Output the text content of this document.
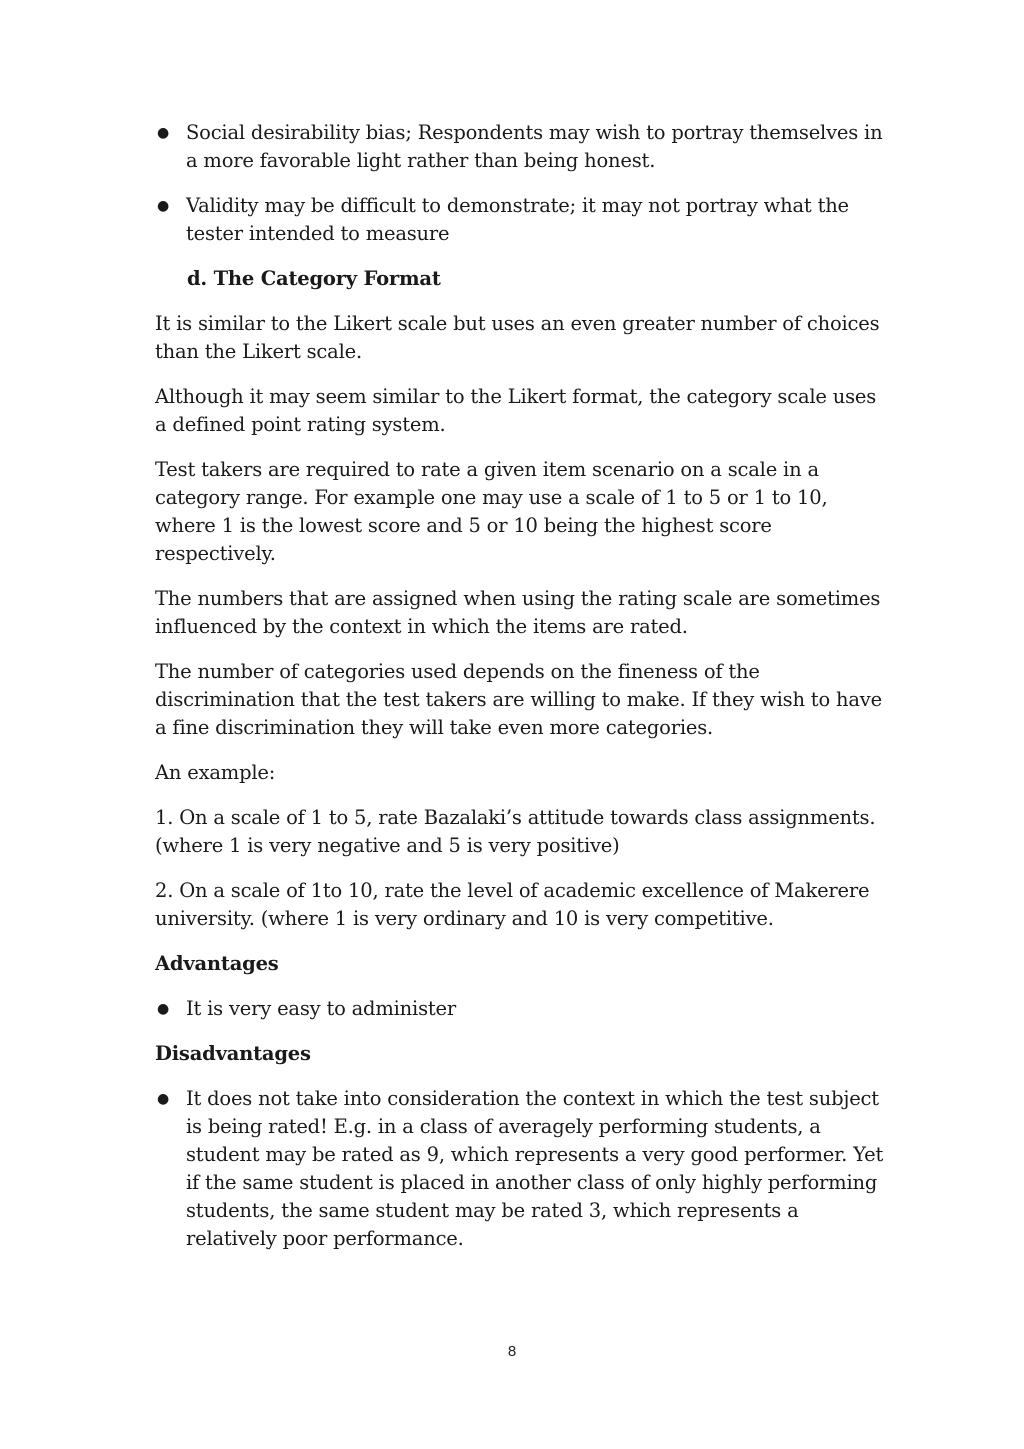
● Social desirability bias; Respondents may wish to portray themselves in a more favorable light rather than being honest.
● Validity may be difficult to demonstrate; it may not portray what the tester intended to measure
d. The Category Format

It is similar to the Likert scale but uses an even greater number of choices than the Likert scale.

Although it may seem similar to the Likert format, the category scale uses a defined point rating system.

Test takers are required to rate a given item scenario on a scale in a category range. For example one may use a scale of 1 to 5 or 1 to 10, where 1 is the lowest score and 5 or 10 being the highest score respectively.

The numbers that are assigned when using the rating scale are sometimes influenced by the context in which the items are rated.

The number of categories used depends on the fineness of the discrimination that the test takers are willing to make. If they wish to have a fine discrimination they will take even more categories.

An example:

1. On a scale of 1 to 5, rate Bazalaki’s attitude towards class assignments. (where 1 is very negative and 5 is very positive)

2. On a scale of 1to 10, rate the level of academic excellence of Makerere university. (where 1 is very ordinary and 10 is very competitive.

Advantages
● It is very easy to administer
Disadvantages
● It does not take into consideration the context in which the test subject is being rated! E.g. in a class of averagely performing students, a student may be rated as 9, which represents a very good performer. Yet if the same student is placed in another class of only highly performing students, the same student may be rated 3, which represents a relatively poor performance.
8
